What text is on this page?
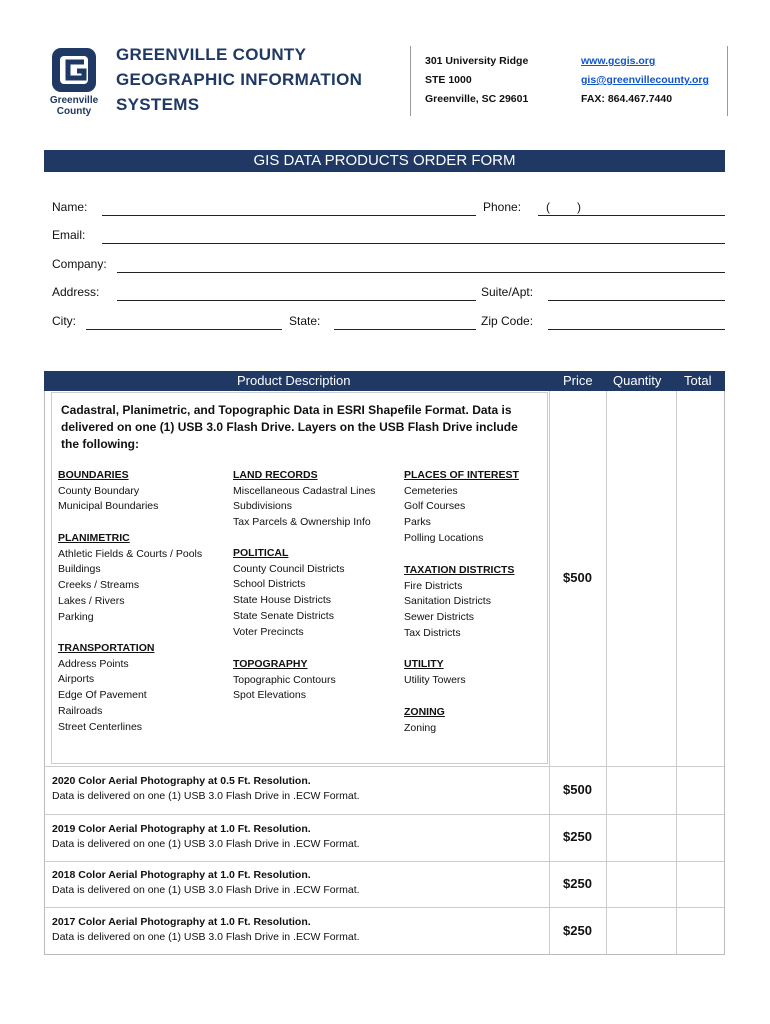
Greenville
County
GREENVILLE COUNTY
GEOGRAPHIC INFORMATION
SYSTEMS
301 University Ridge
STE 1000
Greenville, SC 29601
www.gcgis.org
gis@greenvillecounty.org
FAX: 864.467.7440
GIS DATA PRODUCTS ORDER FORM
Name:	Phone: ( )
Email:
Company:
Address:	Suite/Apt:
City:	State:	Zip Code:
Product Description	Price Quantity Total
Cadastral, Planimetric, and Topographic Data in ESRI Shapefile Format. Data is delivered on one (1) USB 3.0 Flash Drive. Layers on the USB Flash Drive include the following:
BOUNDARIES
County Boundary
Municipal Boundaries
PLANIMETRIC
Athletic Fields & Courts / Pools
Buildings
Creeks / Streams
Lakes / Rivers
Parking
TRANSPORTATION
Address Points
Airports
Edge Of Pavement
Railroads
Street Centerlines
LAND RECORDS
Miscellaneous Cadastral Lines
Subdivisions
Tax Parcels & Ownership Info
POLITICAL
County Council Districts
School Districts
State House Districts
State Senate Districts
Voter Precincts
TOPOGRAPHY
Topographic Contours
Spot Elevations
PLACES OF INTEREST
Cemeteries
Golf Courses
Parks
Polling Locations
TAXATION DISTRICTS
Fire Districts
Sanitation Districts
Sewer Districts
Tax Districts
UTILITY
Utility Towers
ZONING
Zoning
$500
2020 Color Aerial Photography at 0.5 Ft. Resolution.
Data is delivered on one (1) USB 3.0 Flash Drive in .ECW Format.	$500
2019 Color Aerial Photography at 1.0 Ft. Resolution.
Data is delivered on one (1) USB 3.0 Flash Drive in .ECW Format.	$250
2018 Color Aerial Photography at 1.0 Ft. Resolution.
Data is delivered on one (1) USB 3.0 Flash Drive in .ECW Format.	$250
2017 Color Aerial Photography at 1.0 Ft. Resolution.
Data is delivered on one (1) USB 3.0 Flash Drive in .ECW Format.	$250
